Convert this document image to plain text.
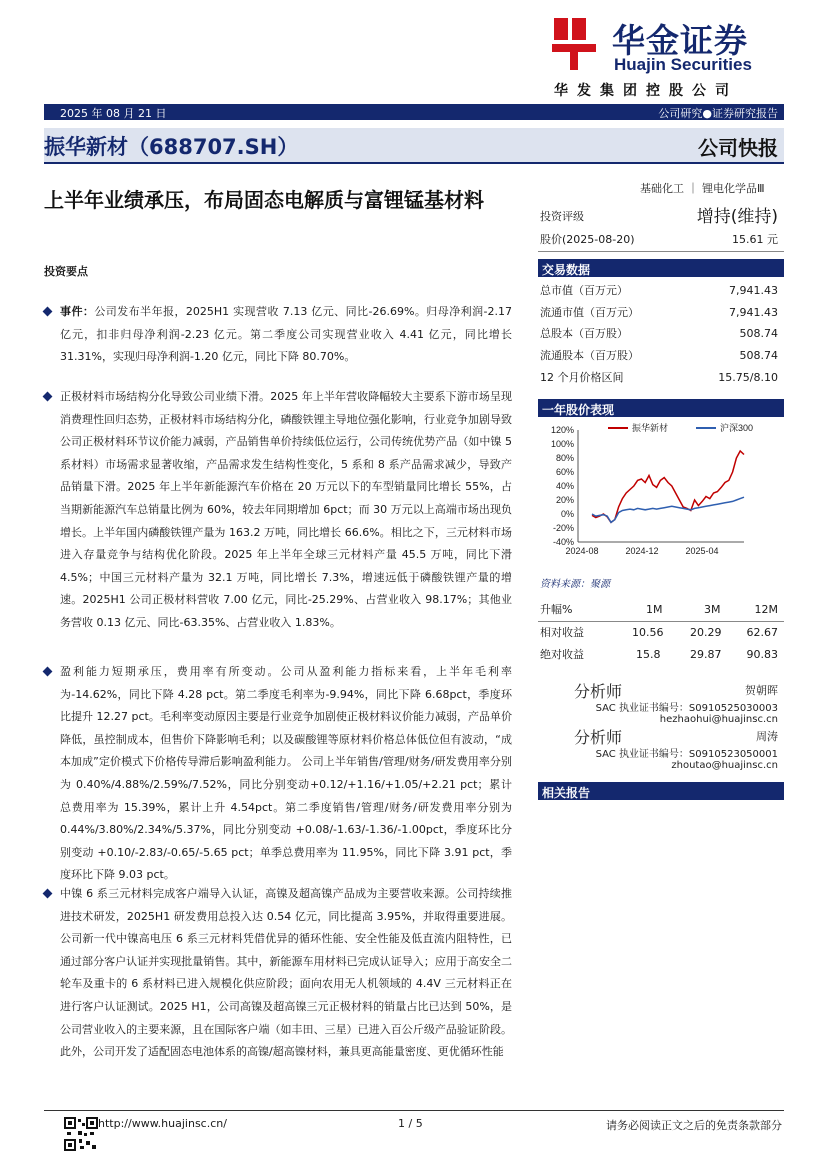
华金证券
Huajin Securities
华发集团控股公司
2025 年 08 月 21 日	公司研究●证券研究报告
振华新材（688707.SH）	公司快报
上半年业绩承压，布局固态电解质与富锂锰基材料
投资要点
事件：公司发布半年报，2025H1 实现营收 7.13 亿元、同比-26.69%。归母净利润-2.17 亿元，扣非归母净利润-2.23 亿元。第二季度公司实现营业收入 4.41 亿元，同比增长 31.31%，实现归母净利润-1.20 亿元，同比下降 80.70%。
正极材料市场结构分化导致公司业绩下滑。2025 年上半年营收降幅较大主要系下游市场呈现消费理性回归态势，正极材料市场结构分化，磷酸铁锂主导地位强化影响，行业竞争加剧导致公司正极材料环节议价能力减弱，产品销售单价持续低位运行，公司传统优势产品（如中镍 5 系材料）市场需求显著收缩，产品需求发生结构性变化，5 系和 8 系产品需求减少，导致产品销量下滑。2025 年上半年新能源汽车价格在 20 万元以下的车型销量同比增长 55%，占当期新能源汽车总销量比例为 60%，较去年同期增加 6pct；而 30 万元以上高端市场出现负增长。上半年国内磷酸铁锂产量为 163.2 万吨，同比增长 66.6%。相比之下，三元材料市场进入存量竞争与结构优化阶段。2025 年上半年全球三元材料产量 45.5 万吨，同比下滑 4.5%；中国三元材料产量为 32.1 万吨，同比增长 7.3%，增速远低于磷酸铁锂产量的增速。2025H1 公司正极材料营收 7.00 亿元，同比-25.29%、占营业收入 98.17%；其他业务营收 0.13 亿元、同比-63.35%、占营业收入 1.83%。
盈利能力短期承压，费用率有所变动。公司从盈利能力指标来看，上半年毛利率为-14.62%，同比下降 4.28 pct。第二季度毛利率为-9.94%，同比下降 6.68pct，季度环比提升 12.27 pct。毛利率变动原因主要是行业竞争加剧使正极材料议价能力减弱，产品单价降低，虽控制成本，但售价下降影响毛利；以及碳酸锂等原材料价格总体低位但有波动，“成本加成”定价模式下价格传导滞后影响盈利能力。 公司上半年销售/管理/财务/研发费用率分别为 0.40%/4.88%/2.59%/7.52%，同比分别变动+0.12/+1.16/+1.05/+2.21 pct；累计总费用率为 15.39%，累计上升 4.54pct。第二季度销售/管理/财务/研发费用率分别为 0.44%/3.80%/2.34%/5.37%，同比分别变动 +0.08/-1.63/-1.36/-1.00pct，季度环比分别变动 +0.10/-2.83/-0.65/-5.65 pct；单季总费用率为 11.95%，同比下降 3.91 pct，季度环比下降 9.03 pct。
中镍 6 系三元材料完成客户端导入认证，高镍及超高镍产品成为主要营收来源。公司持续推进技术研发，2025H1 研发费用总投入达 0.54 亿元，同比提高 3.95%，并取得重要进展。公司新一代中镍高电压 6 系三元材料凭借优异的循环性能、安全性能及低直流内阻特性，已通过部分客户认证并实现批量销售。其中，新能源车用材料已完成认证导入；应用于高安全二轮车及重卡的 6 系材料已进入规模化供应阶段；面向农用无人机领域的 4.4V 三元材料正在进行客户认证测试。2025 H1，公司高镍及超高镍三元正极材料的销量占比已达到 50%，是公司营业收入的主要来源，且在国际客户端（如丰田、三星）已进入百公斤级产品验证阶段。此外，公司开发了适配固态电池体系的高镍/超高镍材料，兼具更高能量密度、更优循环性能
基础化工 ｜ 锂电化学品Ⅲ
投资评级	增持(维持)
股价(2025-08-20)	15.61 元
交易数据
总市值（百万元）	7,941.43
流通市值（百万元）	7,941.43
总股本（百万股）	508.74
流通股本（百万股）	508.74
12 个月价格区间	15.75/8.10
一年股价表现
120%
100%
80%
60%
40%
20%
0%
-20%
-40%
2024-08	2024-12	2025-04
振华新材	沪深300
资料来源：聚源
升幅%	1M	3M	12M
相对收益	10.56 20.29 62.67
绝对收益	15.8	29.87 90.83
分析师	贺朝晖
SAC 执业证书编号：S0910525030003
hezhaohui@huajinsc.cn
分析师	周涛
SAC 执业证书编号：S0910523050001
zhoutao@huajinsc.cn
相关报告
http://www.huajinsc.cn/	1 / 5	请务必阅读正文之后的免责条款部分
